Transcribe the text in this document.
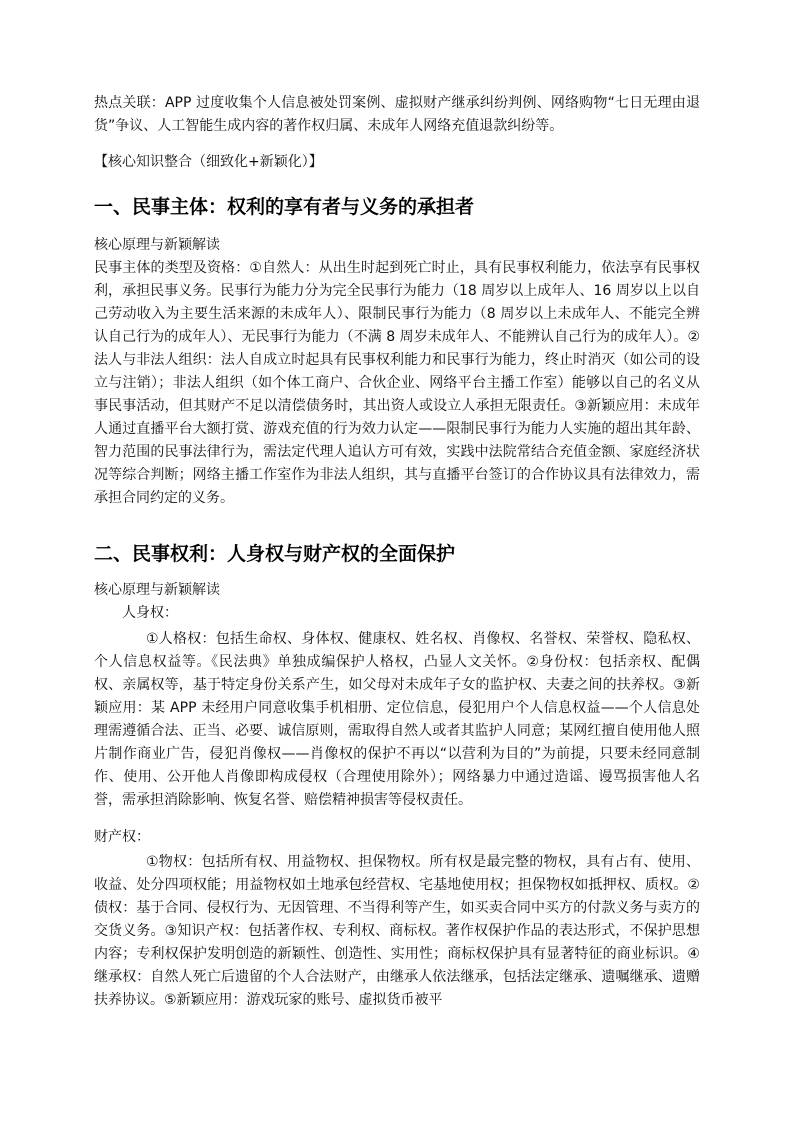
热点关联：APP 过度收集个人信息被处罚案例、虚拟财产继承纠纷判例、网络购物“七日无理由退货”争议、人工智能生成内容的著作权归属、未成年人网络充值退款纠纷等。

【核心知识整合（细致化+新颖化）】

一、民事主体：权利的享有者与义务的承担者

核心原理与新颖解读

民事主体的类型及资格：①自然人：从出生时起到死亡时止，具有民事权利能力，依法享有民事权利，承担民事义务。民事行为能力分为完全民事行为能力（18 周岁以上成年人、16 周岁以上以自己劳动收入为主要生活来源的未成年人）、限制民事行为能力（8 周岁以上未成年人、不能完全辨认自己行为的成年人）、无民事行为能力（不满 8 周岁未成年人、不能辨认自己行为的成年人）。②法人与非法人组织：法人自成立时起具有民事权利能力和民事行为能力，终止时消灭（如公司的设立与注销）；非法人组织（如个体工商户、合伙企业、网络平台主播工作室）能够以自己的名义从事民事活动，但其财产不足以清偿债务时，其出资人或设立人承担无限责任。③新颖应用：未成年人通过直播平台大额打赏、游戏充值的行为效力认定——限制民事行为能力人实施的超出其年龄、智力范围的民事法律行为，需法定代理人追认方可有效，实践中法院常结合充值金额、家庭经济状况等综合判断；网络主播工作室作为非法人组织，其与直播平台签订的合作协议具有法律效力，需承担合同约定的义务。

二、民事权利：人身权与财产权的全面保护

核心原理与新颖解读

人身权：

①人格权：包括生命权、身体权、健康权、姓名权、肖像权、名誉权、荣誉权、隐私权、个人信息权益等。《民法典》单独成编保护人格权，凸显人文关怀。②身份权：包括亲权、配偶权、亲属权等，基于特定身份关系产生，如父母对未成年子女的监护权、夫妻之间的扶养权。③新颖应用：某 APP 未经用户同意收集手机相册、定位信息，侵犯用户个人信息权益——个人信息处理需遵循合法、正当、必要、诚信原则，需取得自然人或者其监护人同意；某网红擅自使用他人照片制作商业广告，侵犯肖像权——肖像权的保护不再以“以营利为目的”为前提，只要未经同意制作、使用、公开他人肖像即构成侵权（合理使用除外）；网络暴力中通过造谣、谩骂损害他人名誉，需承担消除影响、恢复名誉、赔偿精神损害等侵权责任。

财产权：

①物权：包括所有权、用益物权、担保物权。所有权是最完整的物权，具有占有、使用、收益、处分四项权能；用益物权如土地承包经营权、宅基地使用权；担保物权如抵押权、质权。②债权：基于合同、侵权行为、无因管理、不当得利等产生，如买卖合同中买方的付款义务与卖方的交货义务。③知识产权：包括著作权、专利权、商标权。著作权保护作品的表达形式，不保护思想内容；专利权保护发明创造的新颖性、创造性、实用性；商标权保护具有显著特征的商业标识。④继承权：自然人死亡后遗留的个人合法财产，由继承人依法继承，包括法定继承、遗嘱继承、遗赠扶养协议。⑤新颖应用：游戏玩家的账号、虚拟货币被平
